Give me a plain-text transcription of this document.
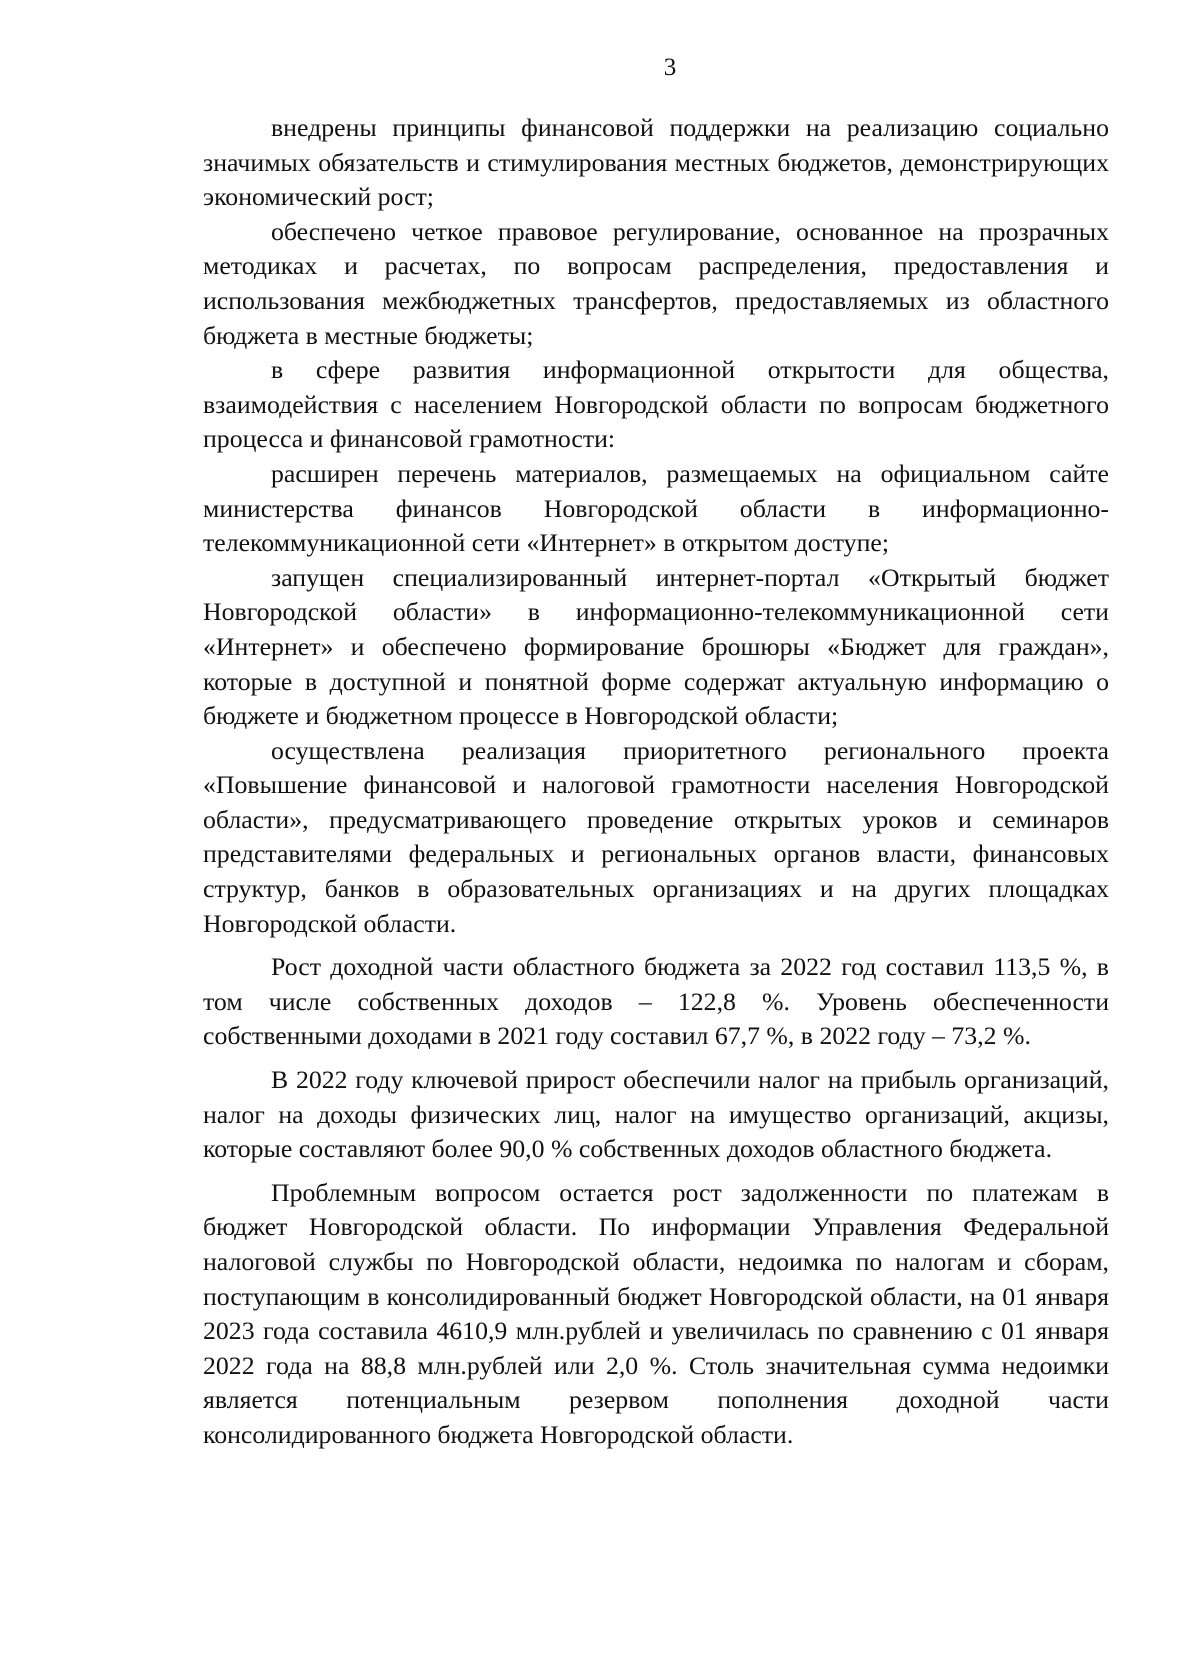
3

внедрены принципы финансовой поддержки на реализацию социально значимых обязательств и стимулирования местных бюджетов, демонстрирующих экономический рост;

обеспечено четкое правовое регулирование, основанное на прозрачных методиках и расчетах, по вопросам распределения, предоставления и использования межбюджетных трансфертов, предоставляемых из областного бюджета в местные бюджеты;

в сфере развития информационной открытости для общества, взаимодействия с населением Новгородской области по вопросам бюджетного процесса и финансовой грамотности:

расширен перечень материалов, размещаемых на официальном сайте министерства финансов Новгородской области в информационно-телекоммуникационной сети «Интернет» в открытом доступе;

запущен специализированный интернет-портал «Открытый бюджет Новгородской области» в информационно-телекоммуникационной сети «Интернет» и обеспечено формирование брошюры «Бюджет для граждан», которые в доступной и понятной форме содержат актуальную информацию о бюджете и бюджетном процессе в Новгородской области;

осуществлена реализация приоритетного регионального проекта «Повышение финансовой и налоговой грамотности населения Новгородской области», предусматривающего проведение открытых уроков и семинаров представителями федеральных и региональных органов власти, финансовых структур, банков в образовательных организациях и на других площадках Новгородской области.

Рост доходной части областного бюджета за 2022 год составил 113,5 %, в том числе собственных доходов – 122,8 %. Уровень обеспеченности собственными доходами в 2021 году составил 67,7 %, в 2022 году – 73,2 %.

В 2022 году ключевой прирост обеспечили налог на прибыль организаций, налог на доходы физических лиц, налог на имущество организаций, акцизы, которые составляют более 90,0 % собственных доходов областного бюджета.

Проблемным вопросом остается рост задолженности по платежам в бюджет Новгородской области. По информации Управления Федеральной налоговой службы по Новгородской области, недоимка по налогам и сборам, поступающим в консолидированный бюджет Новгородской области, на 01 января 2023 года составила 4610,9 млн.рублей и увеличилась по сравнению с 01 января 2022 года на 88,8 млн.рублей или 2,0 %. Столь значительная сумма недоимки является потенциальным резервом пополнения доходной части консолидированного бюджета Новгородской области.
